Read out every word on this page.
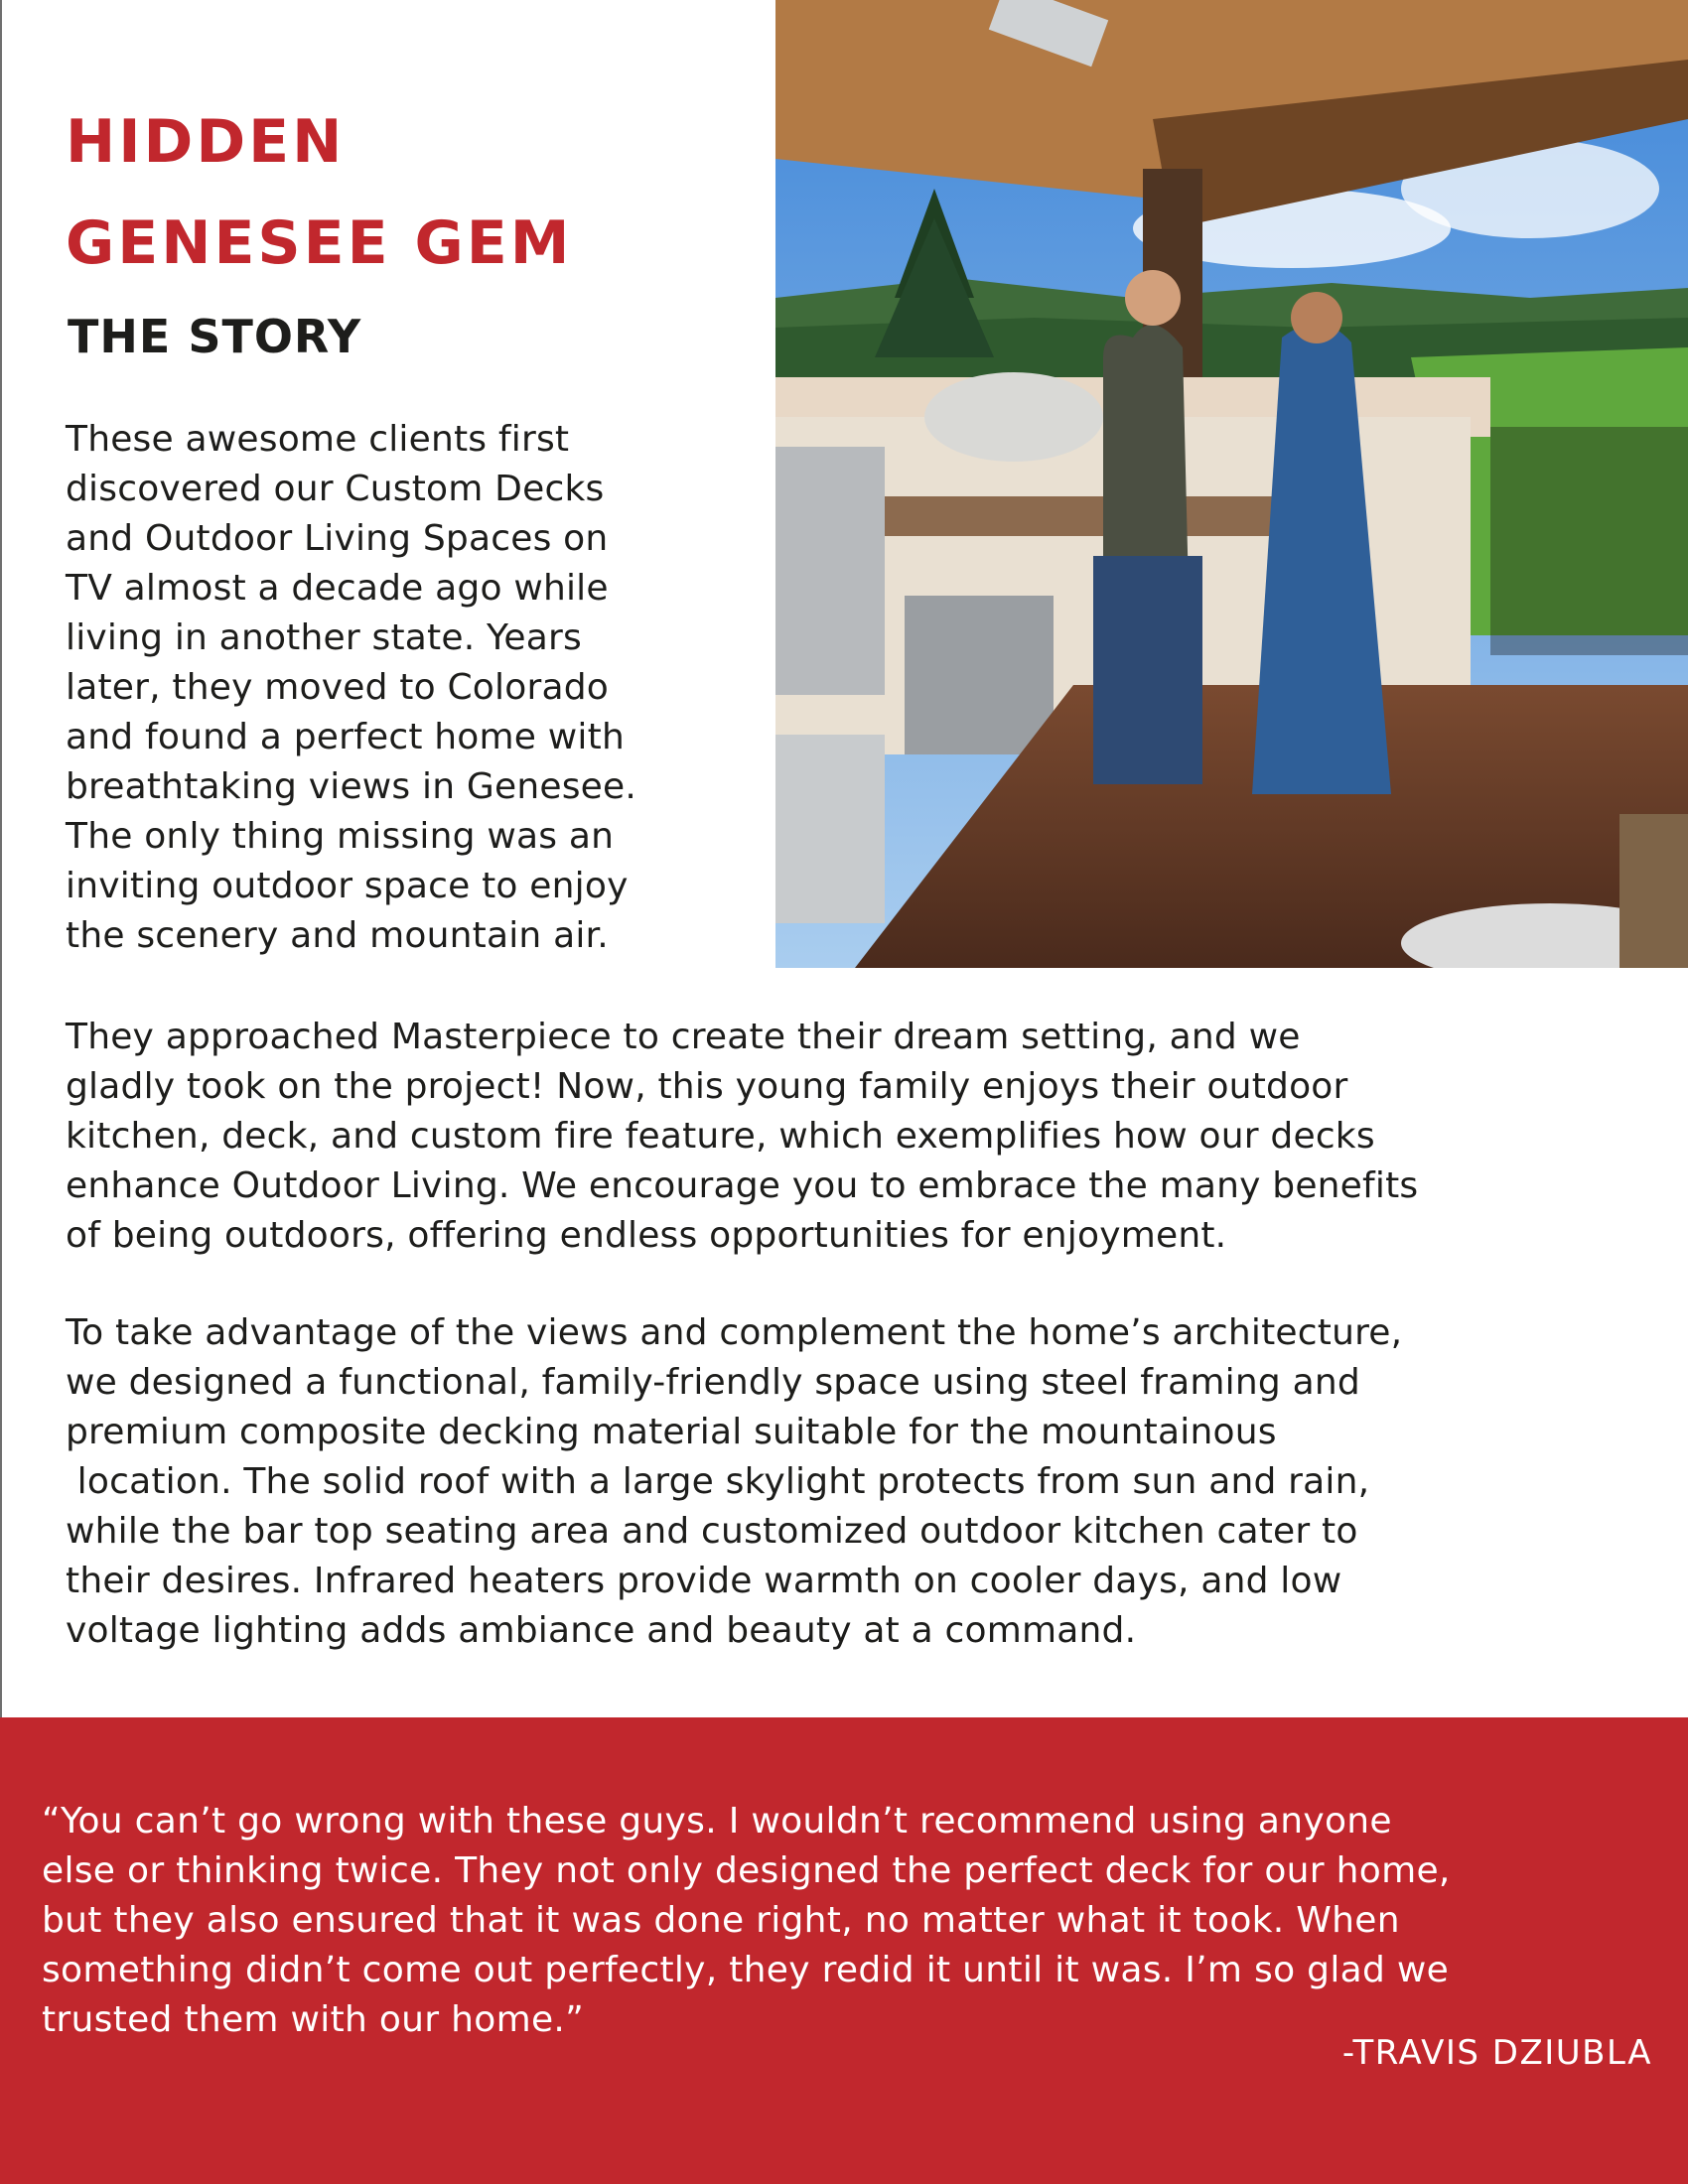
HIDDEN
GENESEE GEM
THE STORY

These awesome clients first
discovered our Custom Decks
and Outdoor Living Spaces on
TV almost a decade ago while
living in another state. Years
later, they moved to Colorado
and found a perfect home with
breathtaking views in Genesee.
The only thing missing was an
inviting outdoor space to enjoy
the scenery and mountain air.

They approached Masterpiece to create their dream setting, and we
gladly took on the project! Now, this young family enjoys their outdoor
kitchen, deck, and custom fire feature, which exemplifies how our decks
enhance Outdoor Living. We encourage you to embrace the many benefits
of being outdoors, offering endless opportunities for enjoyment.

To take advantage of the views and complement the home’s architecture,
we designed a functional, family-friendly space using steel framing and
premium composite decking material suitable for the mountainous
location. The solid roof with a large skylight protects from sun and rain,
while the bar top seating area and customized outdoor kitchen cater to
their desires. Infrared heaters provide warmth on cooler days, and low
voltage lighting adds ambiance and beauty at a command.

“You can’t go wrong with these guys. I wouldn’t recommend using anyone
else or thinking twice. They not only designed the perfect deck for our home,
but they also ensured that it was done right, no matter what it took. When
something didn’t come out perfectly, they redid it until it was. I’m so glad we
trusted them with our home.”

-TRAVIS DZIUBLA
